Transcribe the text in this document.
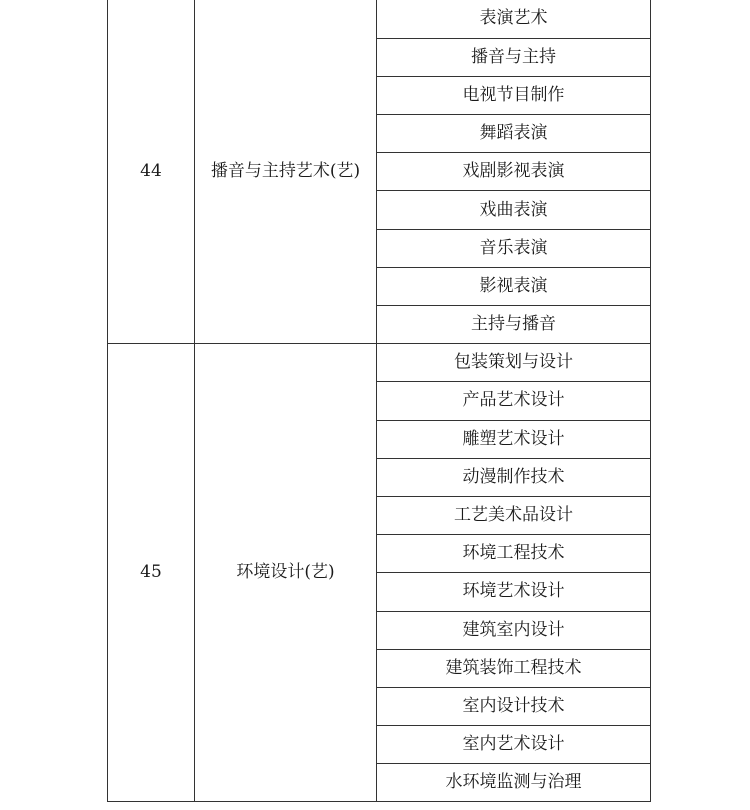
44	播音与主持艺术(艺)	表演艺术
		播音与主持
		电视节目制作
		舞蹈表演
		戏剧影视表演
		戏曲表演
		音乐表演
		影视表演
		主持与播音
45	环境设计(艺)	包装策划与设计
		产品艺术设计
		雕塑艺术设计
		动漫制作技术
		工艺美术品设计
		环境工程技术
		环境艺术设计
		建筑室内设计
		建筑装饰工程技术
		室内设计技术
		室内艺术设计
		水环境监测与治理
